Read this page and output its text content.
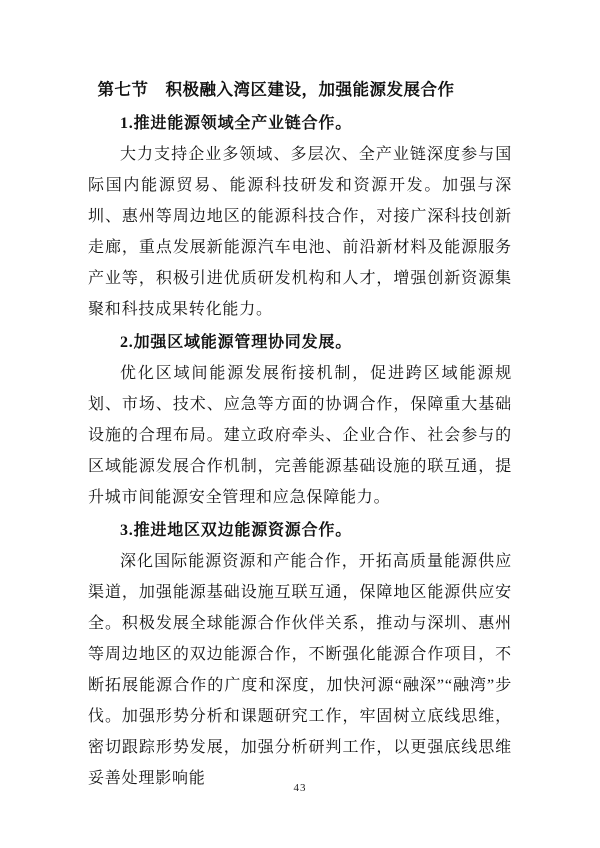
第七节　积极融入湾区建设，加强能源发展合作
1.推进能源领域全产业链合作。

大力支持企业多领域、多层次、全产业链深度参与国际国内能源贸易、能源科技研发和资源开发。加强与深圳、惠州等周边地区的能源科技合作，对接广深科技创新走廊，重点发展新能源汽车电池、前沿新材料及能源服务产业等，积极引进优质研发机构和人才，增强创新资源集聚和科技成果转化能力。

2.加强区域能源管理协同发展。

优化区域间能源发展衔接机制，促进跨区域能源规划、市场、技术、应急等方面的协调合作，保障重大基础设施的合理布局。建立政府牵头、企业合作、社会参与的区域能源发展合作机制，完善能源基础设施的联互通，提升城市间能源安全管理和应急保障能力。

3.推进地区双边能源资源合作。

深化国际能源资源和产能合作，开拓高质量能源供应渠道，加强能源基础设施互联互通，保障地区能源供应安全。积极发展全球能源合作伙伴关系，推动与深圳、惠州等周边地区的双边能源合作，不断强化能源合作项目，不断拓展能源合作的广度和深度，加快河源“融深”“融湾”步伐。加强形势分析和课题研究工作，牢固树立底线思维，密切跟踪形势发展，加强分析研判工作，以更强底线思维妥善处理影响能

43
